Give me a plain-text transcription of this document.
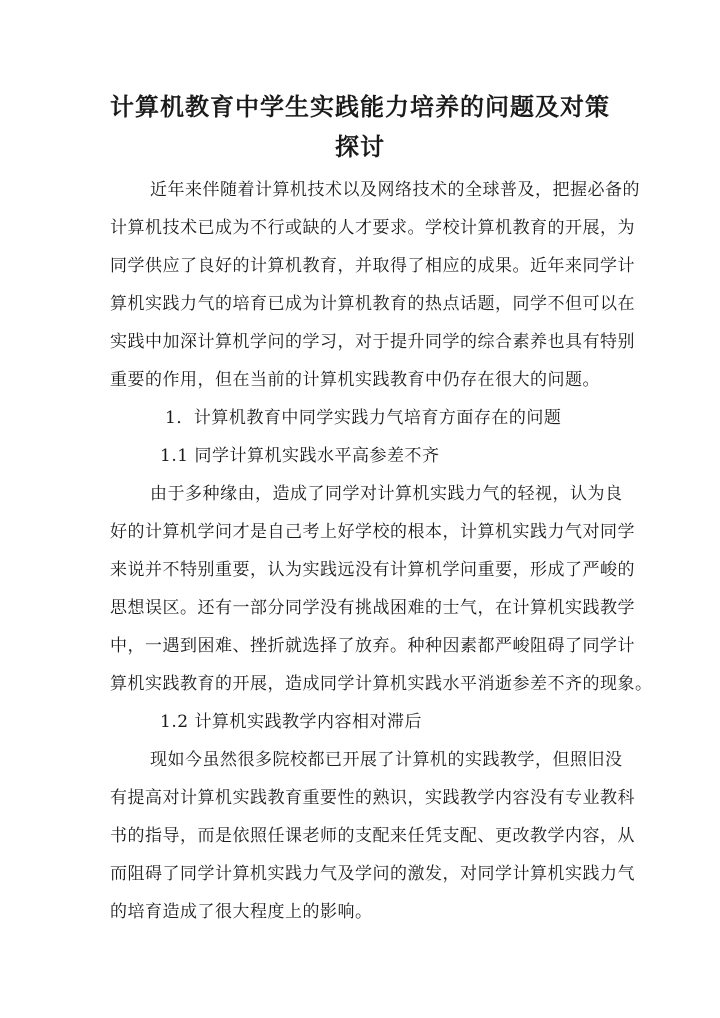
计算机教育中学生实践能力培养的问题及对策
探讨
近年来伴随着计算机技术以及网络技术的全球普及，把握必备的
计算机技术已成为不行或缺的人才要求。学校计算机教育的开展，为
同学供应了良好的计算机教育，并取得了相应的成果。近年来同学计
算机实践力气的培育已成为计算机教育的热点话题，同学不但可以在
实践中加深计算机学问的学习，对于提升同学的综合素养也具有特别
重要的作用，但在当前的计算机实践教育中仍存在很大的问题。
1．计算机教育中同学实践力气培育方面存在的问题
1.1 同学计算机实践水平高参差不齐
由于多种缘由，造成了同学对计算机实践力气的轻视，认为良
好的计算机学问才是自己考上好学校的根本，计算机实践力气对同学
来说并不特别重要，认为实践远没有计算机学问重要，形成了严峻的
思想误区。还有一部分同学没有挑战困难的士气，在计算机实践教学
中，一遇到困难、挫折就选择了放弃。种种因素都严峻阻碍了同学计
算机实践教育的开展，造成同学计算机实践水平消逝参差不齐的现象。
1.2 计算机实践教学内容相对滞后
现如今虽然很多院校都已开展了计算机的实践教学，但照旧没
有提高对计算机实践教育重要性的熟识，实践教学内容没有专业教科
书的指导，而是依照任课老师的支配来任凭支配、更改教学内容，从
而阻碍了同学计算机实践力气及学问的激发，对同学计算机实践力气
的培育造成了很大程度上的影响。
